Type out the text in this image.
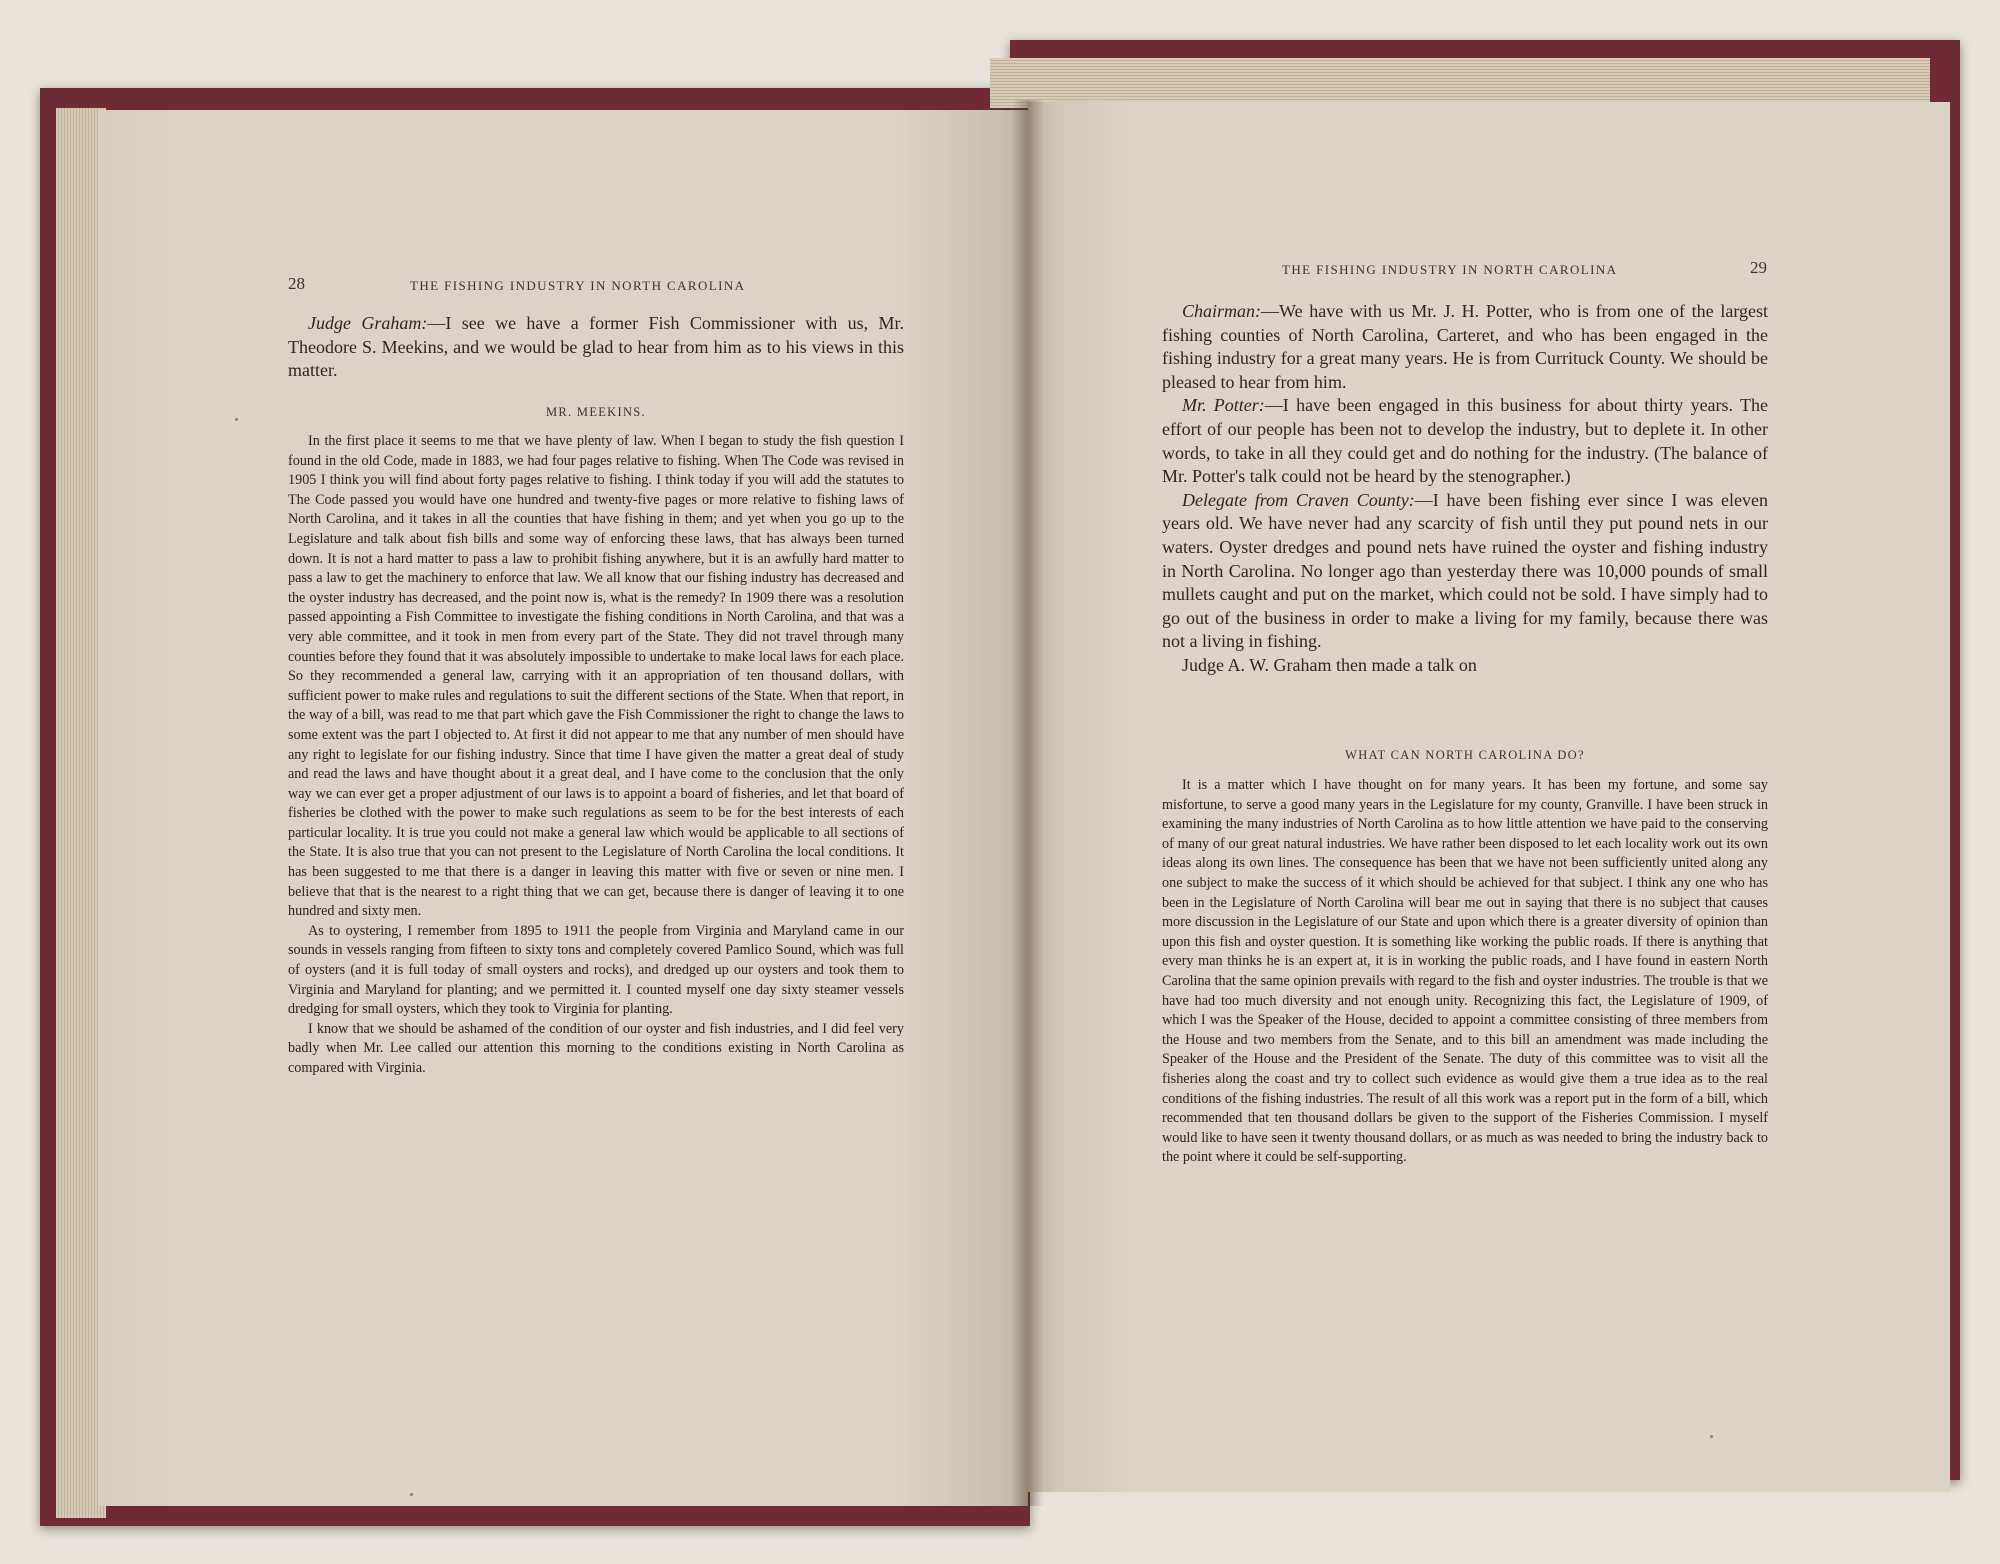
28	THE FISHING INDUSTRY IN NORTH CAROLINA

Judge Graham:—I see we have a former Fish Commissioner with us, Mr. Theodore S. Meekins, and we would be glad to hear from him as to his views in this matter.

MR. MEEKINS.

In the first place it seems to me that we have plenty of law. When I began to study the fish question I found in the old Code, made in 1883, we had four pages relative to fishing. When The Code was revised in 1905 I think you will find about forty pages relative to fishing. I think today if you will add the statutes to The Code passed you would have one hundred and twenty-five pages or more relative to fishing laws of North Carolina, and it takes in all the counties that have fishing in them; and yet when you go up to the Legislature and talk about fish bills and some way of enforcing these laws, that has always been turned down. It is not a hard matter to pass a law to prohibit fishing anywhere, but it is an awfully hard matter to pass a law to get the machinery to enforce that law. We all know that our fishing industry has decreased and the oyster industry has decreased, and the point now is, what is the remedy? In 1909 there was a resolution passed appointing a Fish Committee to investigate the fishing conditions in North Carolina, and that was a very able committee, and it took in men from every part of the State. They did not travel through many counties before they found that it was absolutely impossible to undertake to make local laws for each place. So they recommended a general law, carrying with it an appropriation of ten thousand dollars, with sufficient power to make rules and regulations to suit the different sections of the State. When that report, in the way of a bill, was read to me that part which gave the Fish Commissioner the right to change the laws to some extent was the part I objected to. At first it did not appear to me that any number of men should have any right to legislate for our fishing industry. Since that time I have given the matter a great deal of study and read the laws and have thought about it a great deal, and I have come to the conclusion that the only way we can ever get a proper adjustment of our laws is to appoint a board of fisheries, and let that board of fisheries be clothed with the power to make such regulations as seem to be for the best interests of each particular locality. It is true you could not make a general law which would be applicable to all sections of the State. It is also true that you can not present to the Legislature of North Carolina the local conditions. It has been suggested to me that there is a danger in leaving this matter with five or seven or nine men. I believe that that is the nearest to a right thing that we can get, because there is danger of leaving it to one hundred and sixty men.

As to oystering, I remember from 1895 to 1911 the people from Virginia and Maryland came in our sounds in vessels ranging from fifteen to sixty tons and completely covered Pamlico Sound, which was full of oysters (and it is full today of small oysters and rocks), and dredged up our oysters and took them to Virginia and Maryland for planting; and we permitted it. I counted myself one day sixty steamer vessels dredging for small oysters, which they took to Virginia for planting.

I know that we should be ashamed of the condition of our oyster and fish industries, and I did feel very badly when Mr. Lee called our attention this morning to the conditions existing in North Carolina as compared with Virginia.

THE FISHING INDUSTRY IN NORTH CAROLINA	29

Chairman:—We have with us Mr. J. H. Potter, who is from one of the largest fishing counties of North Carolina, Carteret, and who has been engaged in the fishing industry for a great many years. He is from Currituck County. We should be pleased to hear from him.

Mr. Potter:—I have been engaged in this business for about thirty years. The effort of our people has been not to develop the industry, but to deplete it. In other words, to take in all they could get and do nothing for the industry. (The balance of Mr. Potter's talk could not be heard by the stenographer.)

Delegate from Craven County:—I have been fishing ever since I was eleven years old. We have never had any scarcity of fish until they put pound nets in our waters. Oyster dredges and pound nets have ruined the oyster and fishing industry in North Carolina. No longer ago than yesterday there was 10,000 pounds of small mullets caught and put on the market, which could not be sold. I have simply had to go out of the business in order to make a living for my family, because there was not a living in fishing.

Judge A. W. Graham then made a talk on

WHAT CAN NORTH CAROLINA DO?

It is a matter which I have thought on for many years. It has been my fortune, and some say misfortune, to serve a good many years in the Legislature for my county, Granville. I have been struck in examining the many industries of North Carolina as to how little attention we have paid to the conserving of many of our great natural industries. We have rather been disposed to let each locality work out its own ideas along its own lines. The consequence has been that we have not been sufficiently united along any one subject to make the success of it which should be achieved for that subject. I think any one who has been in the Legislature of North Carolina will bear me out in saying that there is no subject that causes more discussion in the Legislature of our State and upon which there is a greater diversity of opinion than upon this fish and oyster question. It is something like working the public roads. If there is anything that every man thinks he is an expert at, it is in working the public roads, and I have found in eastern North Carolina that the same opinion prevails with regard to the fish and oyster industries. The trouble is that we have had too much diversity and not enough unity. Recognizing this fact, the Legislature of 1909, of which I was the Speaker of the House, decided to appoint a committee consisting of three members from the House and two members from the Senate, and to this bill an amendment was made including the Speaker of the House and the President of the Senate. The duty of this committee was to visit all the fisheries along the coast and try to collect such evidence as would give them a true idea as to the real conditions of the fishing industries. The result of all this work was a report put in the form of a bill, which recommended that ten thousand dollars be given to the support of the Fisheries Commission. I myself would like to have seen it twenty thousand dollars, or as much as was needed to bring the industry back to the point where it could be self-supporting.
